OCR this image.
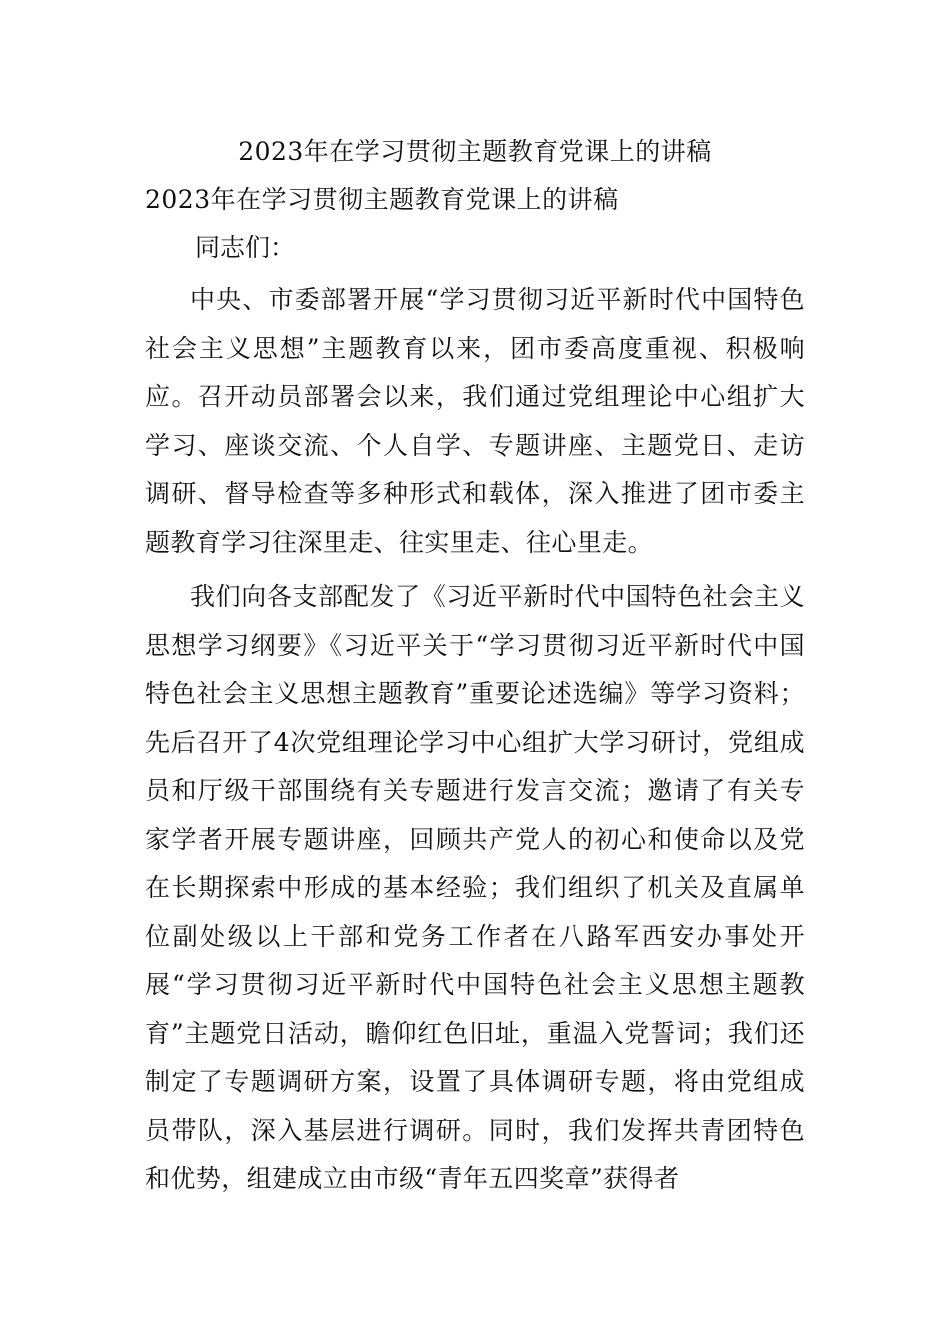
2023年在学习贯彻主题教育党课上的讲稿

2023年在学习贯彻主题教育党课上的讲稿

同志们：

中央、市委部署开展“学习贯彻习近平新时代中国特色社会主义思想”主题教育以来，团市委高度重视、积极响应。召开动员部署会以来，我们通过党组理论中心组扩大学习、座谈交流、个人自学、专题讲座、主题党日、走访调研、督导检查等多种形式和载体，深入推进了团市委主题教育学习往深里走、往实里走、往心里走。

我们向各支部配发了《习近平新时代中国特色社会主义思想学习纲要》《习近平关于“学习贯彻习近平新时代中国特色社会主义思想主题教育”重要论述选编》等学习资料；先后召开了4次党组理论学习中心组扩大学习研讨，党组成员和厅级干部围绕有关专题进行发言交流；邀请了有关专家学者开展专题讲座，回顾共产党人的初心和使命以及党在长期探索中形成的基本经验；我们组织了机关及直属单位副处级以上干部和党务工作者在八路军西安办事处开展“学习贯彻习近平新时代中国特色社会主义思想主题教育”主题党日活动，瞻仰红色旧址，重温入党誓词；我们还制定了专题调研方案，设置了具体调研专题，将由党组成员带队，深入基层进行调研。同时，我们发挥共青团特色和优势，组建成立由市级“青年五四奖章”获得者
